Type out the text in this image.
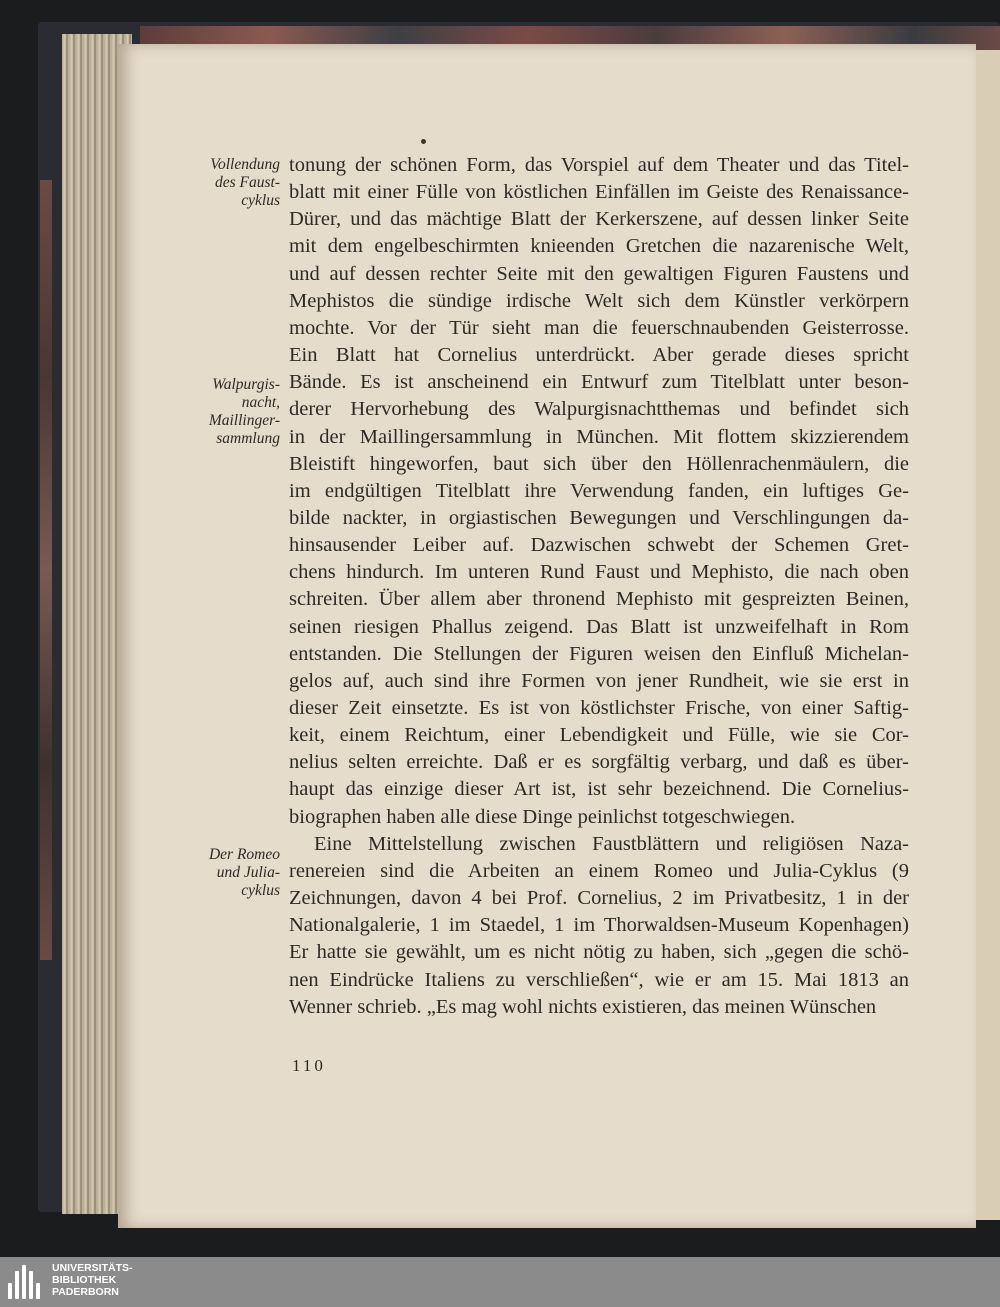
Vollendung
des Faust-
cyklus
Walpurgis-
nacht,
Maillinger-
sammlung
Der Romeo
und Julia-
cyklus
tonung der schönen Form, das Vorspiel auf dem Theater und das Titel-
blatt mit einer Fülle von köstlichen Einfällen im Geiste des Renaissance-
Dürer, und das mächtige Blatt der Kerkerszene, auf dessen linker Seite
mit dem engelbeschirmten knieenden Gretchen die nazarenische Welt,
und auf dessen rechter Seite mit den gewaltigen Figuren Faustens und
Mephistos die sündige irdische Welt sich dem Künstler verkörpern
mochte. Vor der Tür sieht man die feuerschnaubenden Geisterrosse.
Ein Blatt hat Cornelius unterdrückt. Aber gerade dieses spricht
Bände. Es ist anscheinend ein Entwurf zum Titelblatt unter beson-
derer Hervorhebung des Walpurgisnachtthemas und befindet sich
in der Maillingersammlung in München. Mit flottem skizzierendem
Bleistift hingeworfen, baut sich über den Höllenrachenmäulern, die
im endgültigen Titelblatt ihre Verwendung fanden, ein luftiges Ge-
bilde nackter, in orgiastischen Bewegungen und Verschlingungen da-
hinsausender Leiber auf. Dazwischen schwebt der Schemen Gret-
chens hindurch. Im unteren Rund Faust und Mephisto, die nach oben
schreiten. Über allem aber thronend Mephisto mit gespreizten Beinen,
seinen riesigen Phallus zeigend. Das Blatt ist unzweifelhaft in Rom
entstanden. Die Stellungen der Figuren weisen den Einfluß Michelan-
gelos auf, auch sind ihre Formen von jener Rundheit, wie sie erst in
dieser Zeit einsetzte. Es ist von köstlichster Frische, von einer Saftig-
keit, einem Reichtum, einer Lebendigkeit und Fülle, wie sie Cor-
nelius selten erreichte. Daß er es sorgfältig verbarg, und daß es über-
haupt das einzige dieser Art ist, ist sehr bezeichnend. Die Cornelius-
biographen haben alle diese Dinge peinlichst totgeschwiegen.
Eine Mittelstellung zwischen Faustblättern und religiösen Naza-
renereien sind die Arbeiten an einem Romeo und Julia-Cyklus (9
Zeichnungen, davon 4 bei Prof. Cornelius, 2 im Privatbesitz, 1 in der
Nationalgalerie, 1 im Staedel, 1 im Thorwaldsen-Museum Kopenhagen)
Er hatte sie gewählt, um es nicht nötig zu haben, sich „gegen die schö-
nen Eindrücke Italiens zu verschließen“, wie er am 15. Mai 1813 an
Wenner schrieb. „Es mag wohl nichts existieren, das meinen Wünschen
110
UNIVERSITÄTS-
BIBLIOTHEK
PADERBORN
